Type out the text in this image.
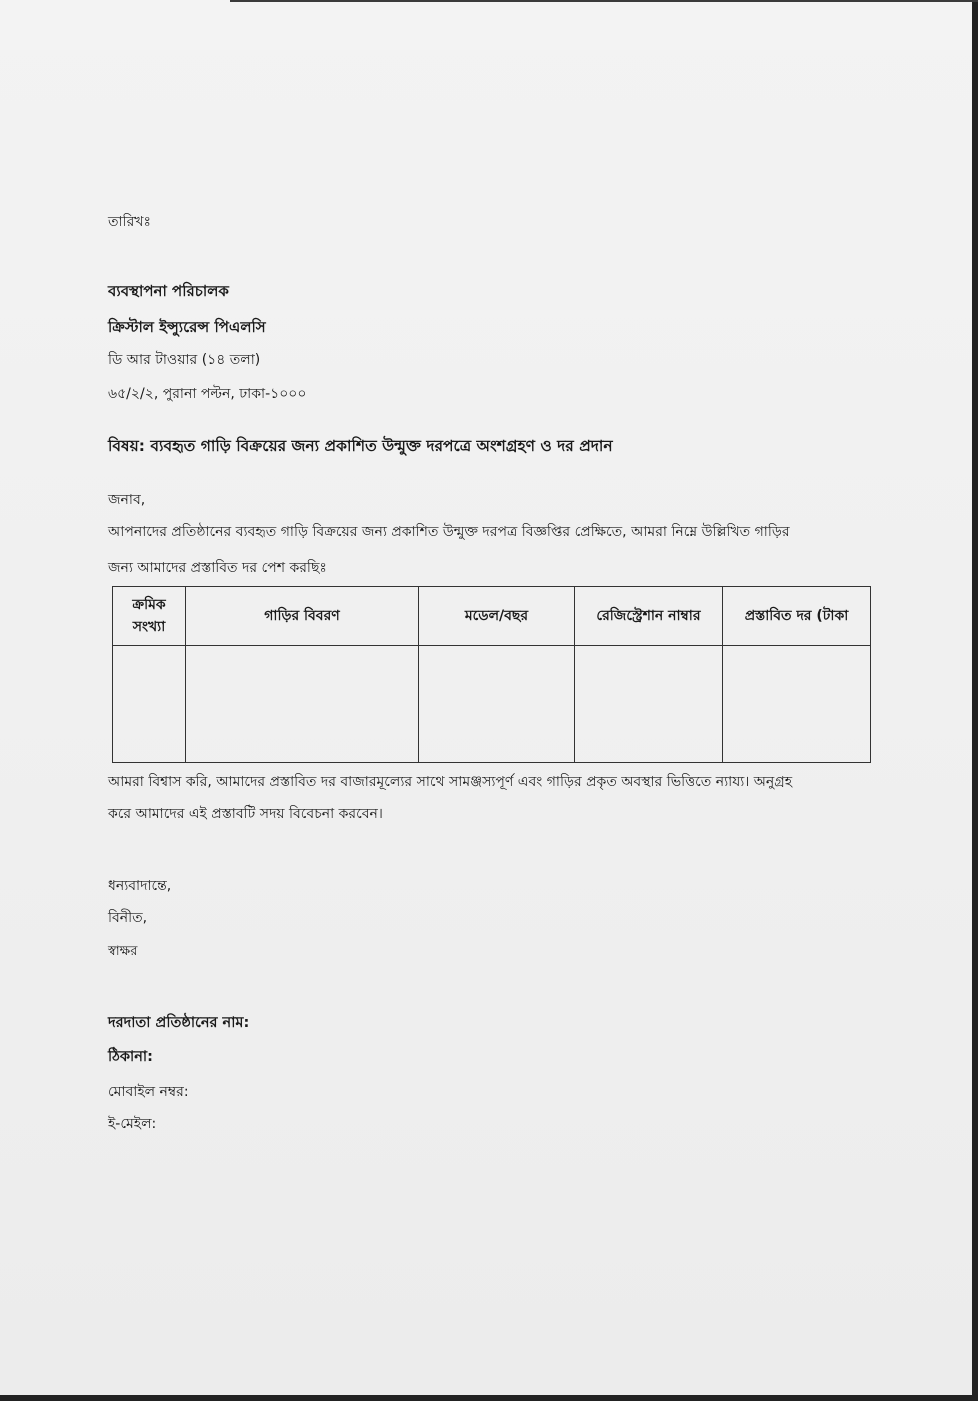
তারিখঃ
ব্যবস্থাপনা পরিচালক
ক্রিস্টাল ইন্স্যুরেন্স পিএলসি
ডি আর টাওয়ার (১৪ তলা)
৬৫/২/২, পুরানা পল্টন, ঢাকা-১০০০
বিষয়: ব্যবহৃত গাড়ি বিক্রয়ের জন্য প্রকাশিত উন্মুক্ত দরপত্রে অংশগ্রহণ ও দর প্রদান
জনাব,
আপনাদের প্রতিষ্ঠানের ব্যবহৃত গাড়ি বিক্রয়ের জন্য প্রকাশিত উন্মুক্ত দরপত্র বিজ্ঞপ্তির প্রেক্ষিতে, আমরা নিম্নে উল্লিখিত গাড়ির
জন্য আমাদের প্রস্তাবিত দর পেশ করছিঃ
ক্রমিক
সংখ্যা	গাড়ির বিবরণ	মডেল/বছর	রেজিস্ট্রেশান নাম্বার	প্রস্তাবিত দর (টাকা

আমরা বিশ্বাস করি, আমাদের প্রস্তাবিত দর বাজারমূল্যের সাথে সামঞ্জস্যপূর্ণ এবং গাড়ির প্রকৃত অবস্থার ভিত্তিতে ন্যায্য। অনুগ্রহ
করে আমাদের এই প্রস্তাবটি সদয় বিবেচনা করবেন।
ধন্যবাদান্তে,
বিনীত,
স্বাক্ষর
দরদাতা প্রতিষ্ঠানের নাম:
ঠিকানা:
মোবাইল নম্বর:
ই-মেইল:
